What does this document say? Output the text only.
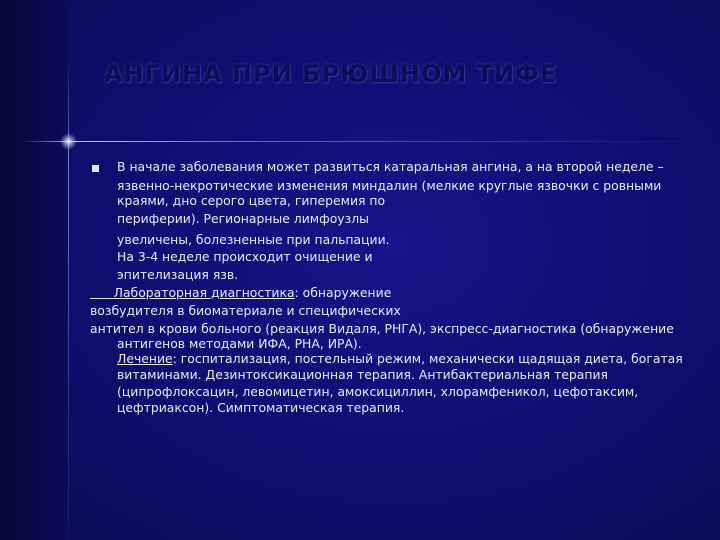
АНГИНА ПРИ БРЮШНОМ ТИФЕ
В начале заболевания может развиться катаральная ангина, а на второй неделе –
язвенно-некротические изменения миндалин (мелкие круглые язвочки с ровными
краями, дно серого цвета, гиперемия по
периферии). Регионарные лимфоузлы
увеличены, болезненные при пальпации.
На 3-4 неделе происходит очищение и
эпителизация язв.
Лабораторная диагностика: обнаружение
возбудителя в биоматериале и специфических
антител в крови больного (реакция Видаля, РНГА), экспресс-диагностика (обнаружение
антигенов методами ИФА, РНА, ИРА).
Лечение: госпитализация, постельный режим, механически щадящая диета, богатая
витаминами. Дезинтоксикационная терапия. Антибактериальная терапия
(ципрофлоксацин, левомицетин, амоксициллин, хлорамфеникол, цефотаксим,
цефтриаксон). Симптоматическая терапия.
